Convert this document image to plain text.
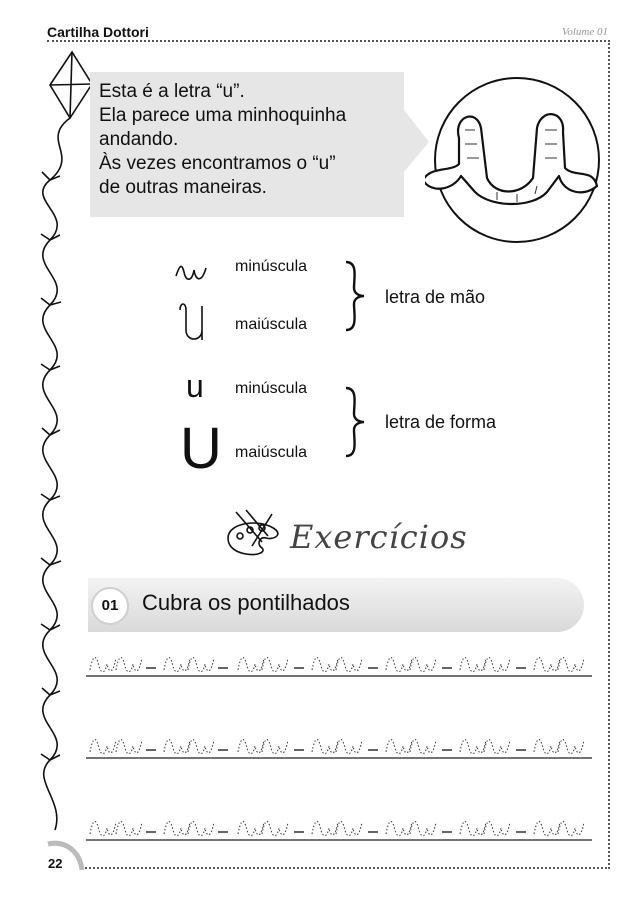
Cartilha Dottori	Volume 01
Esta é a letra “u”.
Ela parece uma minhoquinha
andando.
Às vezes encontramos o “u”
de outras maneiras.
minúscula
maiúscula
letra de mão
u minúscula
U maiúscula
letra de forma
Exercícios
01	Cubra os pontilhados
22
